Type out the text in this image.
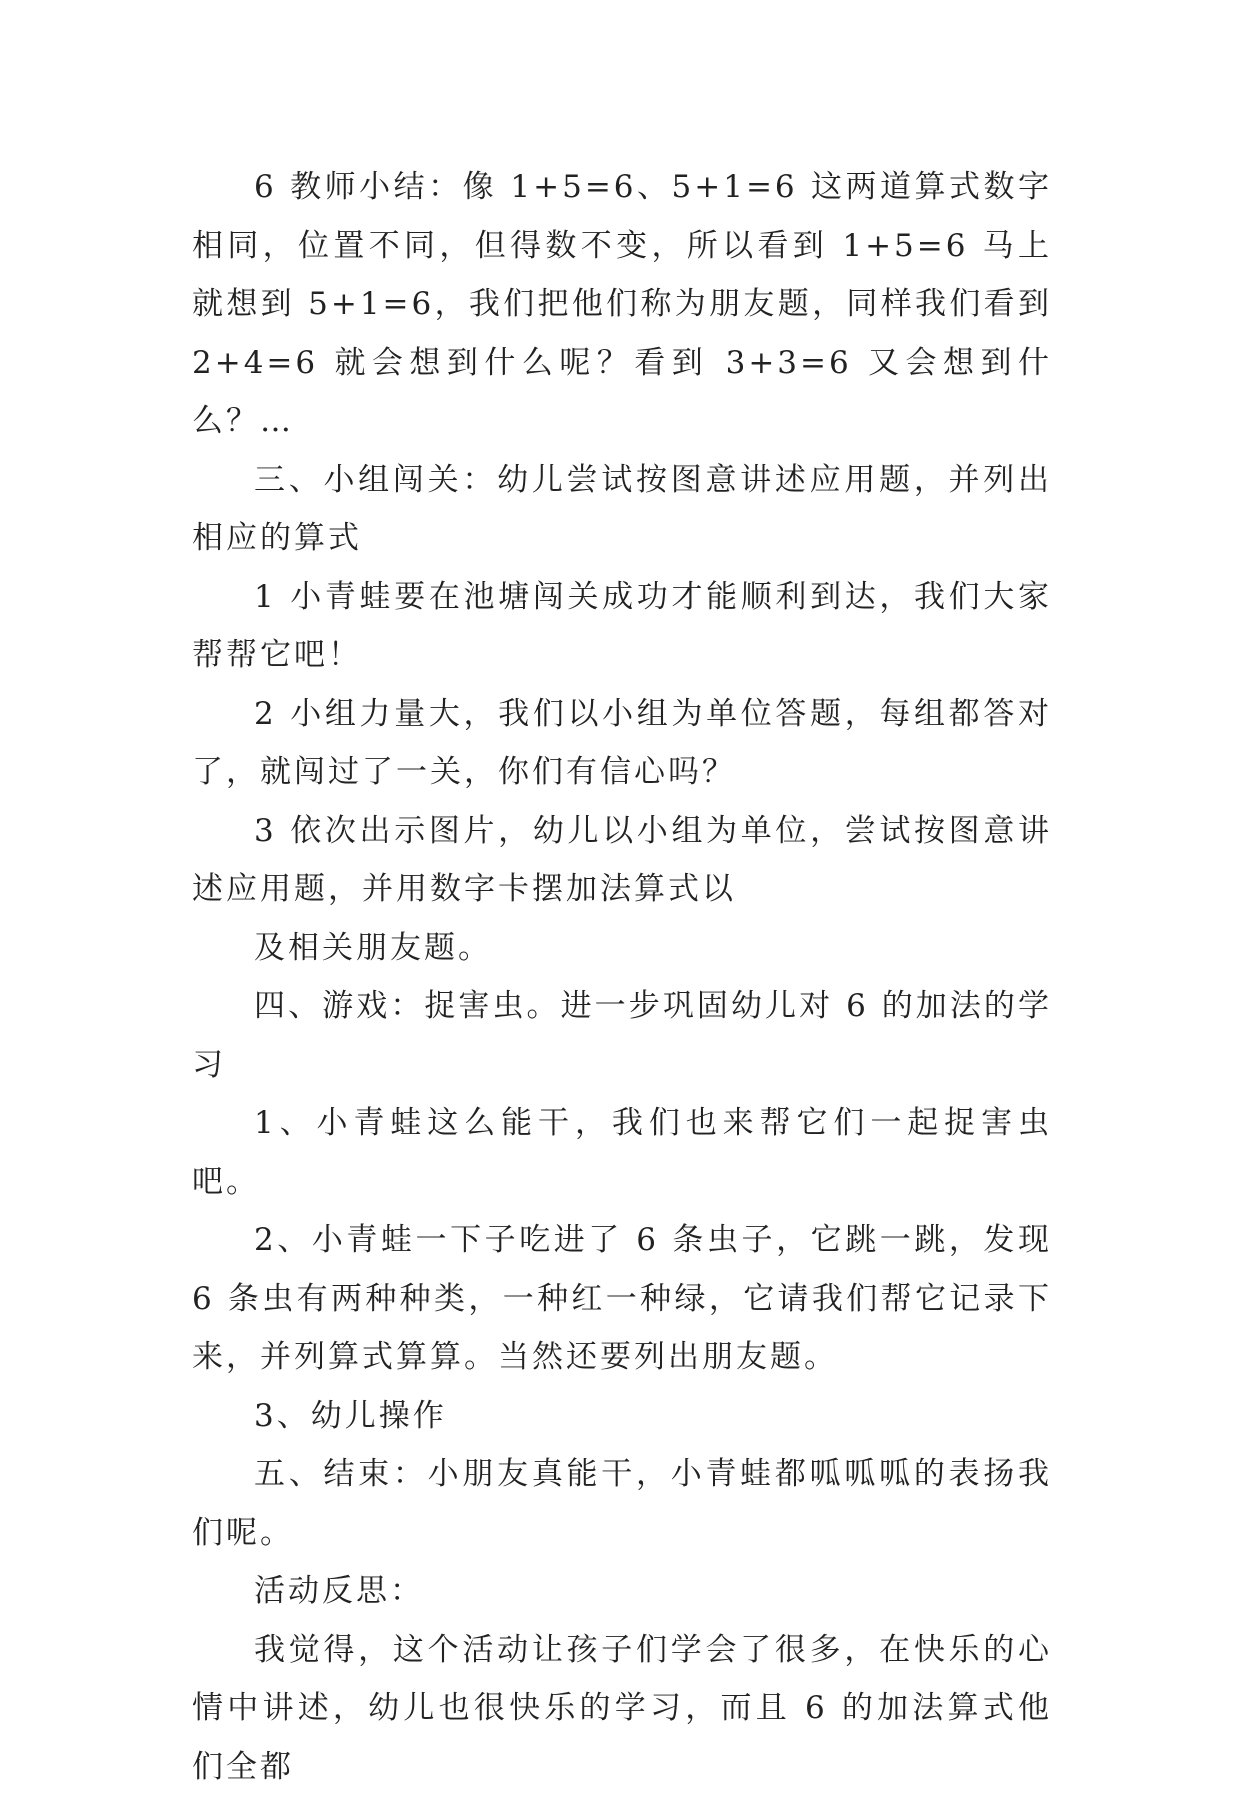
6 教师小结：像 1+5=6、5+1=6 这两道算式数字相同，位置不同，但得数不变，所以看到 1+5=6 马上就想到 5+1=6，我们把他们称为朋友题，同样我们看到 2+4=6 就会想到什么呢？看到 3+3=6 又会想到什么？…

三、小组闯关：幼儿尝试按图意讲述应用题，并列出相应的算式

1 小青蛙要在池塘闯关成功才能顺利到达，我们大家帮帮它吧！

2 小组力量大，我们以小组为单位答题，每组都答对了，就闯过了一关，你们有信心吗？

3 依次出示图片，幼儿以小组为单位，尝试按图意讲述应用题，并用数字卡摆加法算式以

及相关朋友题。

四、游戏：捉害虫。进一步巩固幼儿对 6 的加法的学习

1、小青蛙这么能干，我们也来帮它们一起捉害虫吧。

2、小青蛙一下子吃进了 6 条虫子，它跳一跳，发现 6 条虫有两种种类，一种红一种绿，它请我们帮它记录下来，并列算式算算。当然还要列出朋友题。

3、幼儿操作

五、结束：小朋友真能干，小青蛙都呱呱呱的表扬我们呢。

活动反思：

我觉得，这个活动让孩子们学会了很多，在快乐的心情中讲述，幼儿也很快乐的学习，而且 6 的加法算式他们全都
